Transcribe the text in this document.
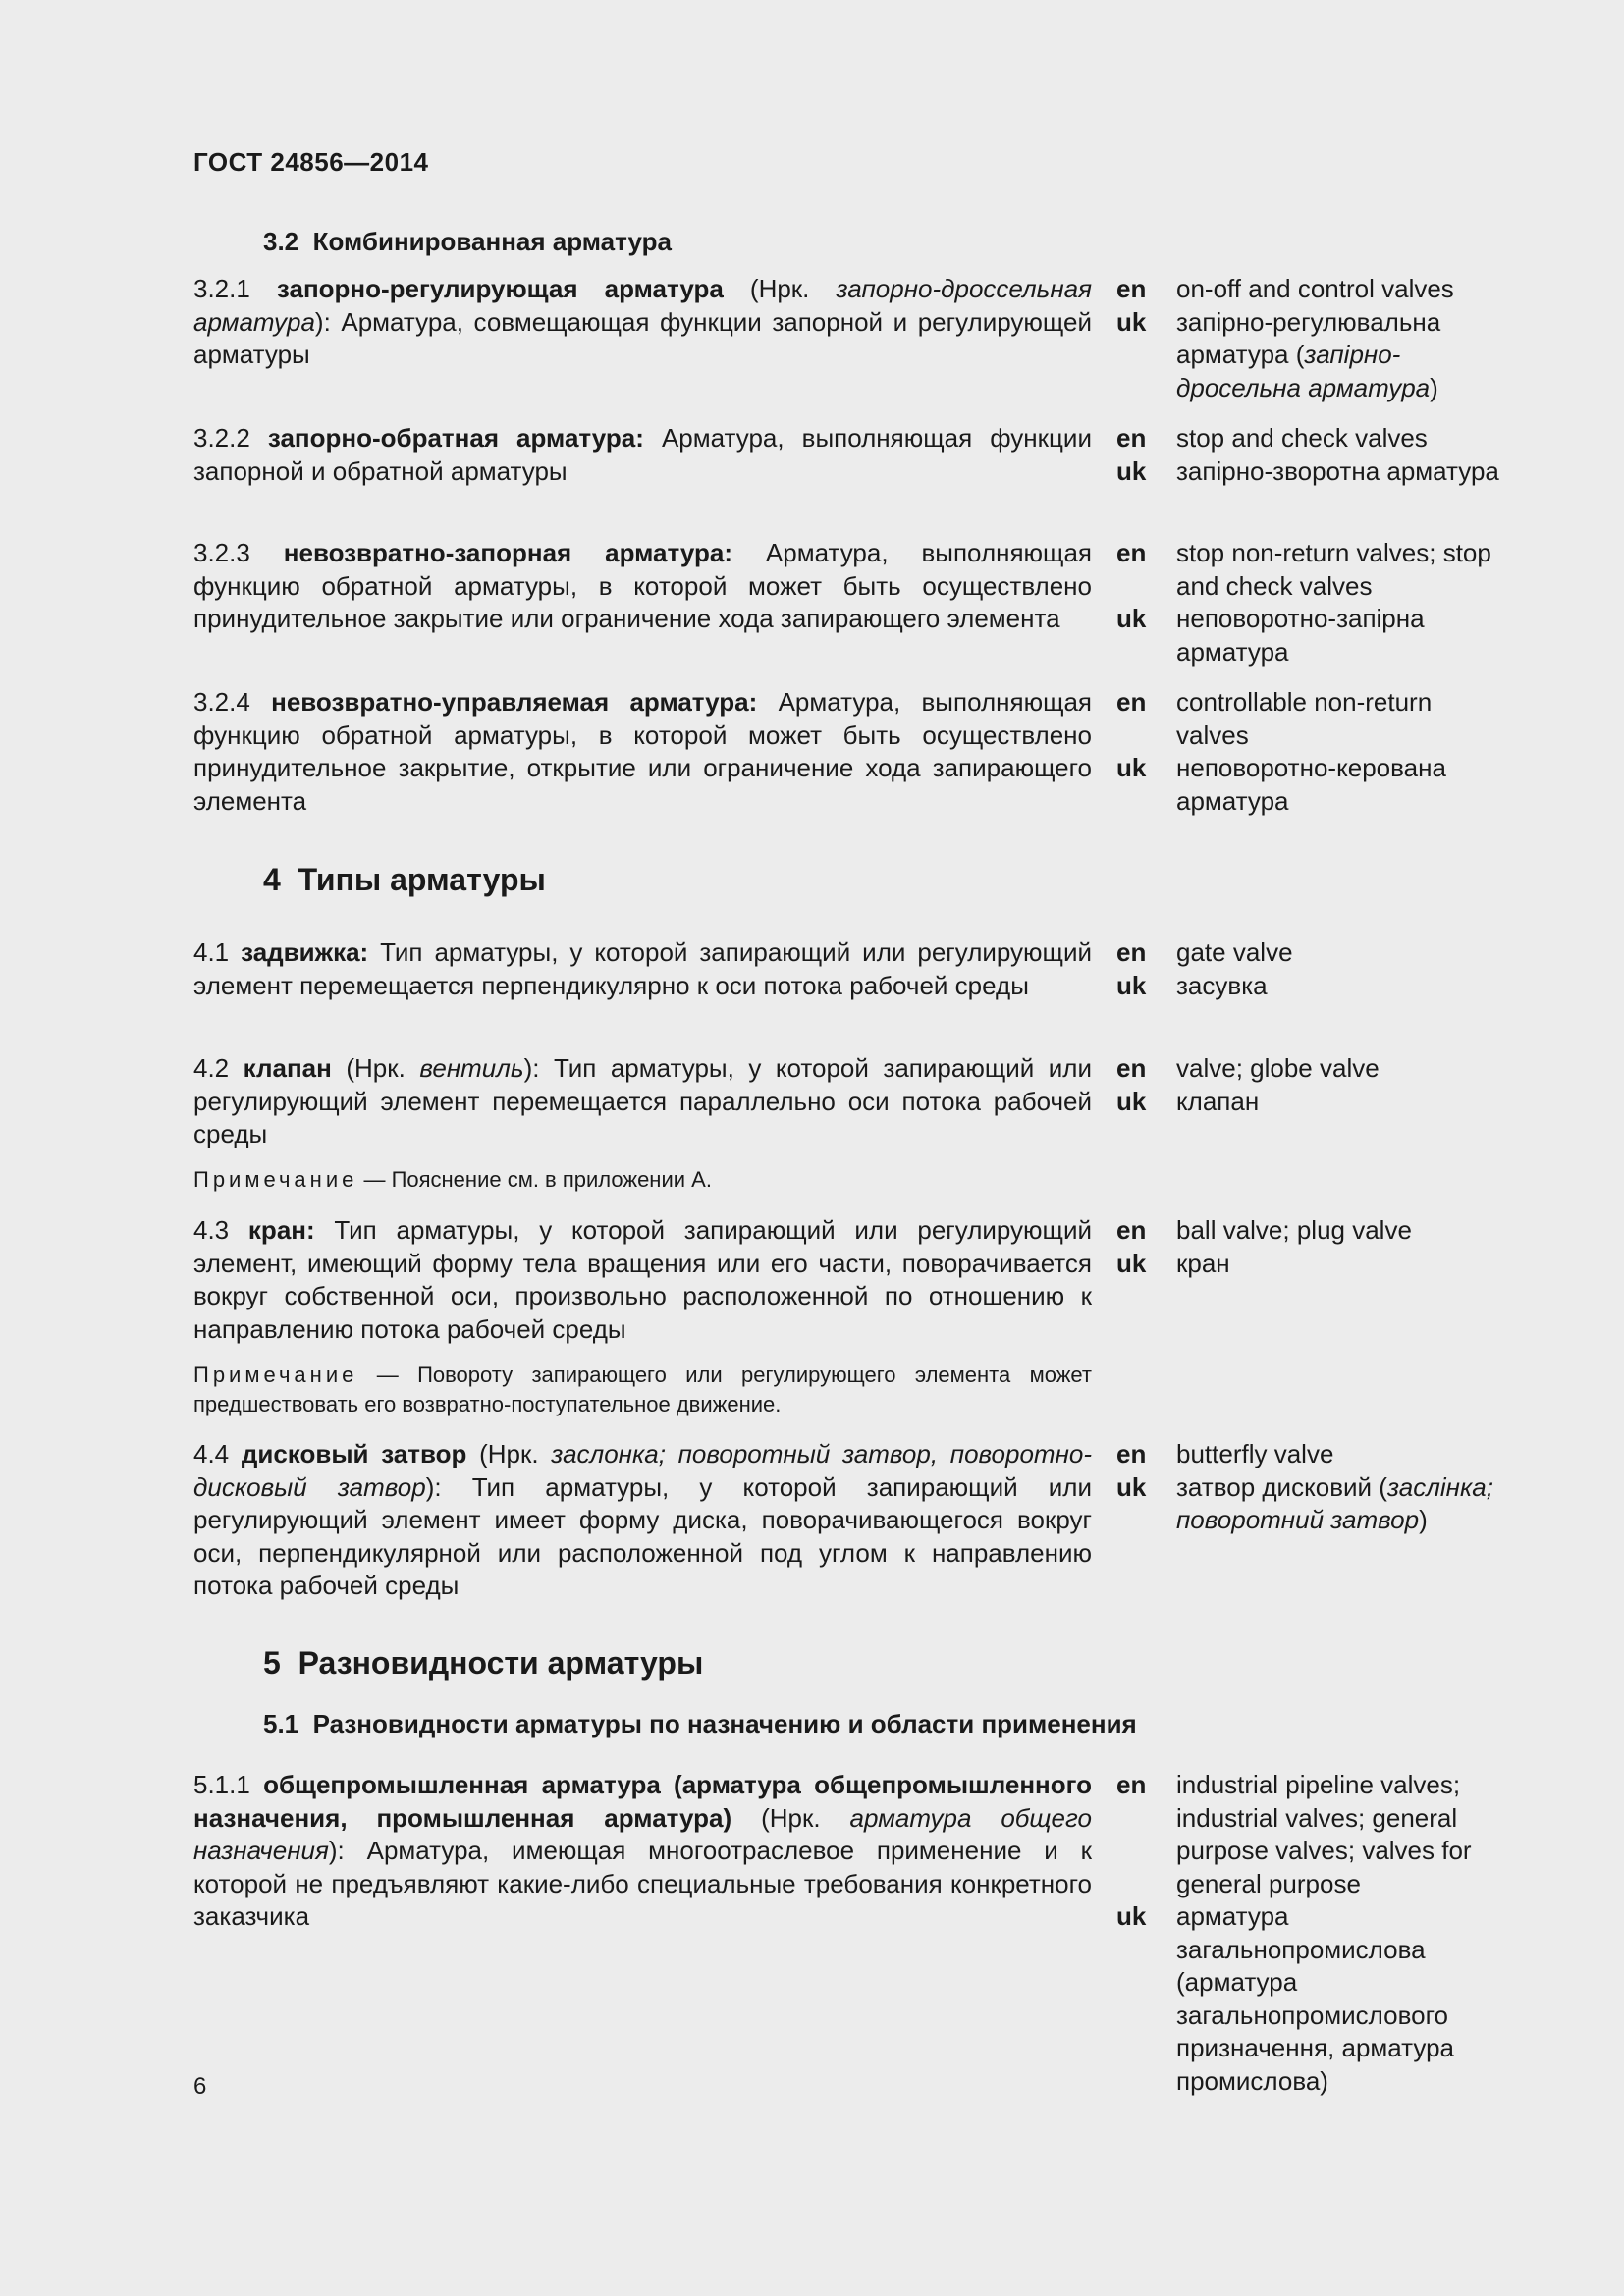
ГОСТ 24856—2014
3.2 Комбинированная арматура
3.2.1 запорно-регулирующая арматура (Нрк. запорно-дроссельная арматура): Арматура, совмещающая функции запорной и регулирующей арматуры
en
uk
on-off and control valves
запірно-регулювальна арматура (запірно-дросельна арматура)
3.2.2 запорно-обратная арматура: Арматура, выполняющая функции запорной и обратной арматуры
en
uk
stop and check valves
запірно-зворотна арматура
3.2.3 невозвратно-запорная арматура: Арматура, выполняющая функцию обратной арматуры, в которой может быть осуществлено принудительное закрытие или ограничение хода запирающего элемента
en
uk
stop non-return valves; stop and check valves
неповоротно-запірна арматура
3.2.4 невозвратно-управляемая арматура: Арматура, выполняющая функцию обратной арматуры, в которой может быть осуществлено принудительное закрытие, открытие или ограничение хода запирающего элемента
en
uk
controllable non-return valves
неповоротно-керована арматура
4 Типы арматуры
4.1 задвижка: Тип арматуры, у которой запирающий или регулирующий элемент перемещается перпендикулярно к оси потока рабочей среды
en
uk
gate valve
засувка
4.2 клапан (Нрк. вентиль): Тип арматуры, у которой запирающий или регулирующий элемент перемещается параллельно оси потока рабочей среды
en
uk
valve; globe valve
клапан
Примечание — Пояснение см. в приложении А.
4.3 кран: Тип арматуры, у которой запирающий или регулирующий элемент, имеющий форму тела вращения или его части, поворачивается вокруг собственной оси, произвольно расположенной по отношению к направлению потока рабочей среды
en
uk
ball valve; plug valve
кран
Примечание — Повороту запирающего или регулирующего элемента может предшествовать его возвратно-поступательное движение.
4.4 дисковый затвор (Нрк. заслонка; поворотный затвор, поворотно-дисковый затвор): Тип арматуры, у которой запирающий или регулирующий элемент имеет форму диска, поворачивающегося вокруг оси, перпендикулярной или расположенной под углом к направлению потока рабочей среды
en
uk
butterfly valve
затвор дисковий (заслінка; поворотний затвор)
5 Разновидности арматуры
5.1 Разновидности арматуры по назначению и области применения
5.1.1 общепромышленная арматура (арматура общепромышленного назначения, промышленная арматура) (Нрк. арматура общего назначения): Арматура, имеющая многоотраслевое применение и к которой не предъявляют какие-либо специальные требования конкретного заказчика
en
uk
industrial pipeline valves; industrial valves; general purpose valves; valves for general purpose
арматура загальнопромислова (арматура загальнопромислового призначення, арматура промислова)
6
